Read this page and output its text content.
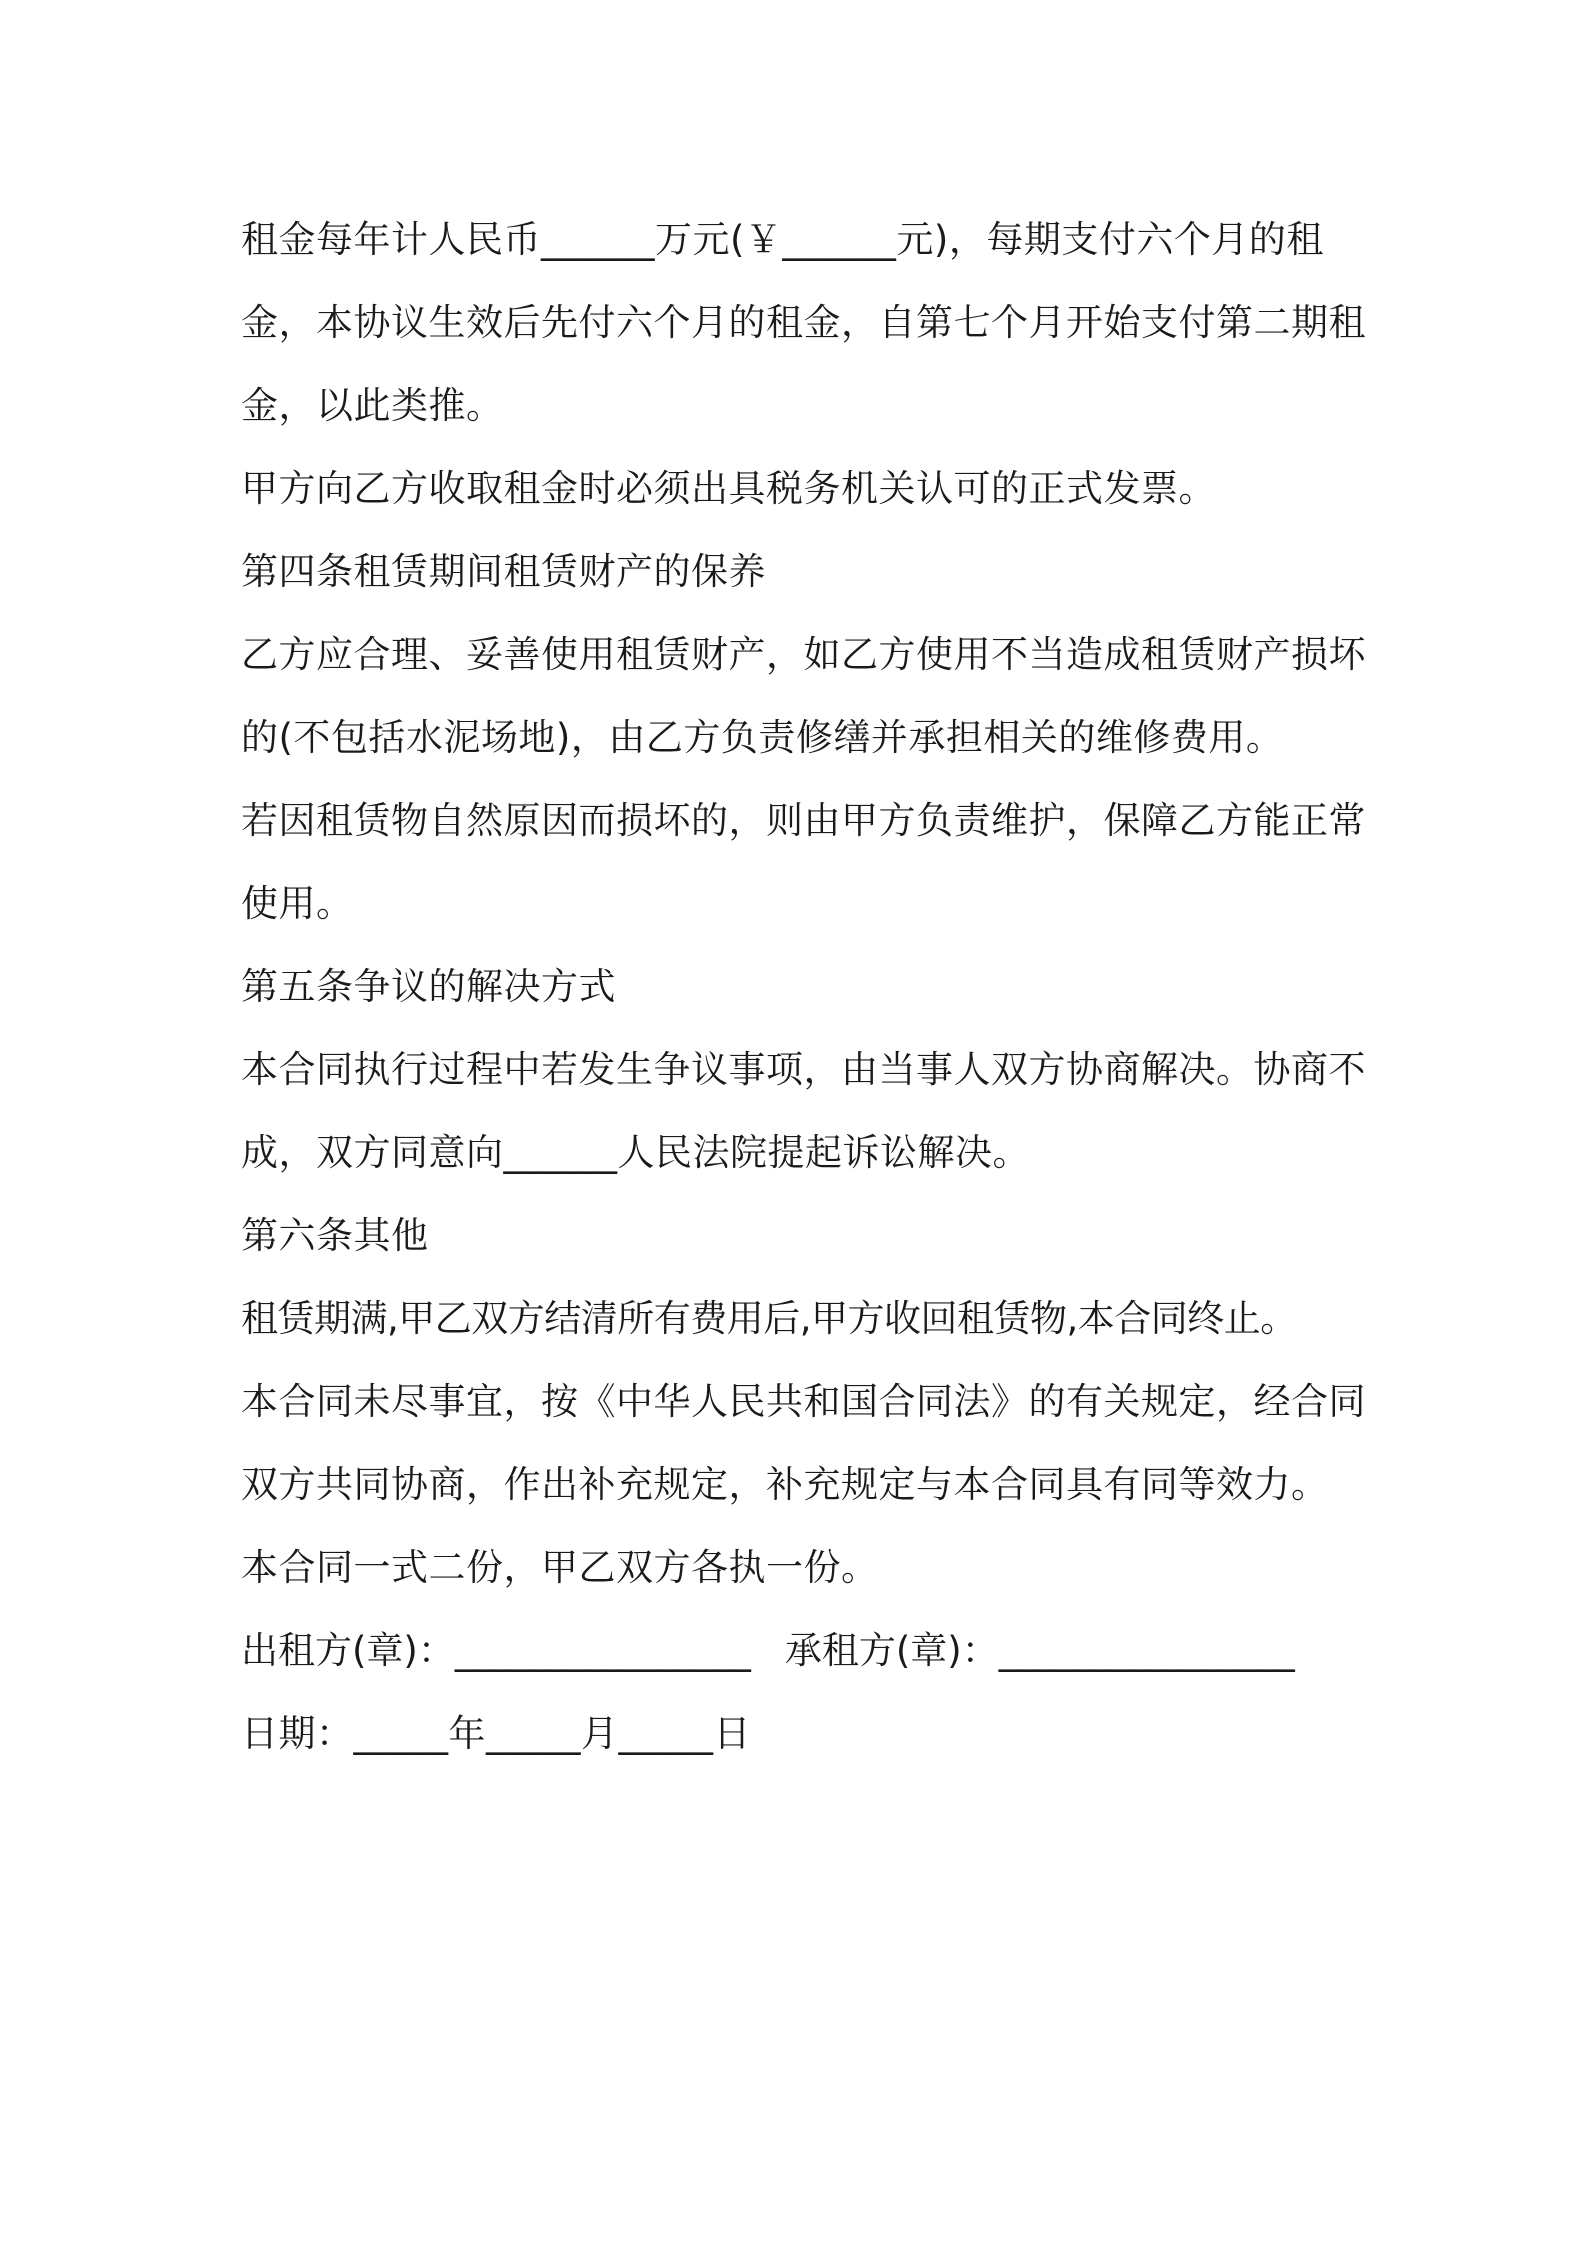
租金每年计人民币______万元(￥______元)，每期支付六个月的租
金，本协议生效后先付六个月的租金，自第七个月开始支付第二期租
金，以此类推。
甲方向乙方收取租金时必须出具税务机关认可的正式发票。
第四条租赁期间租赁财产的保养
乙方应合理、妥善使用租赁财产，如乙方使用不当造成租赁财产损坏
的(不包括水泥场地)，由乙方负责修缮并承担相关的维修费用。
若因租赁物自然原因而损坏的，则由甲方负责维护，保障乙方能正常
使用。
第五条争议的解决方式
本合同执行过程中若发生争议事项，由当事人双方协商解决。协商不
成，双方同意向______人民法院提起诉讼解决。
第六条其他
租赁期满,甲乙双方结清所有费用后,甲方收回租赁物,本合同终止。
本合同未尽事宜，按《中华人民共和国合同法》的有关规定，经合同
双方共同协商，作出补充规定，补充规定与本合同具有同等效力。
本合同一式二份，甲乙双方各执一份。
出租方(章)：________________ 承租方(章)：________________
日期：_____年_____月_____日
